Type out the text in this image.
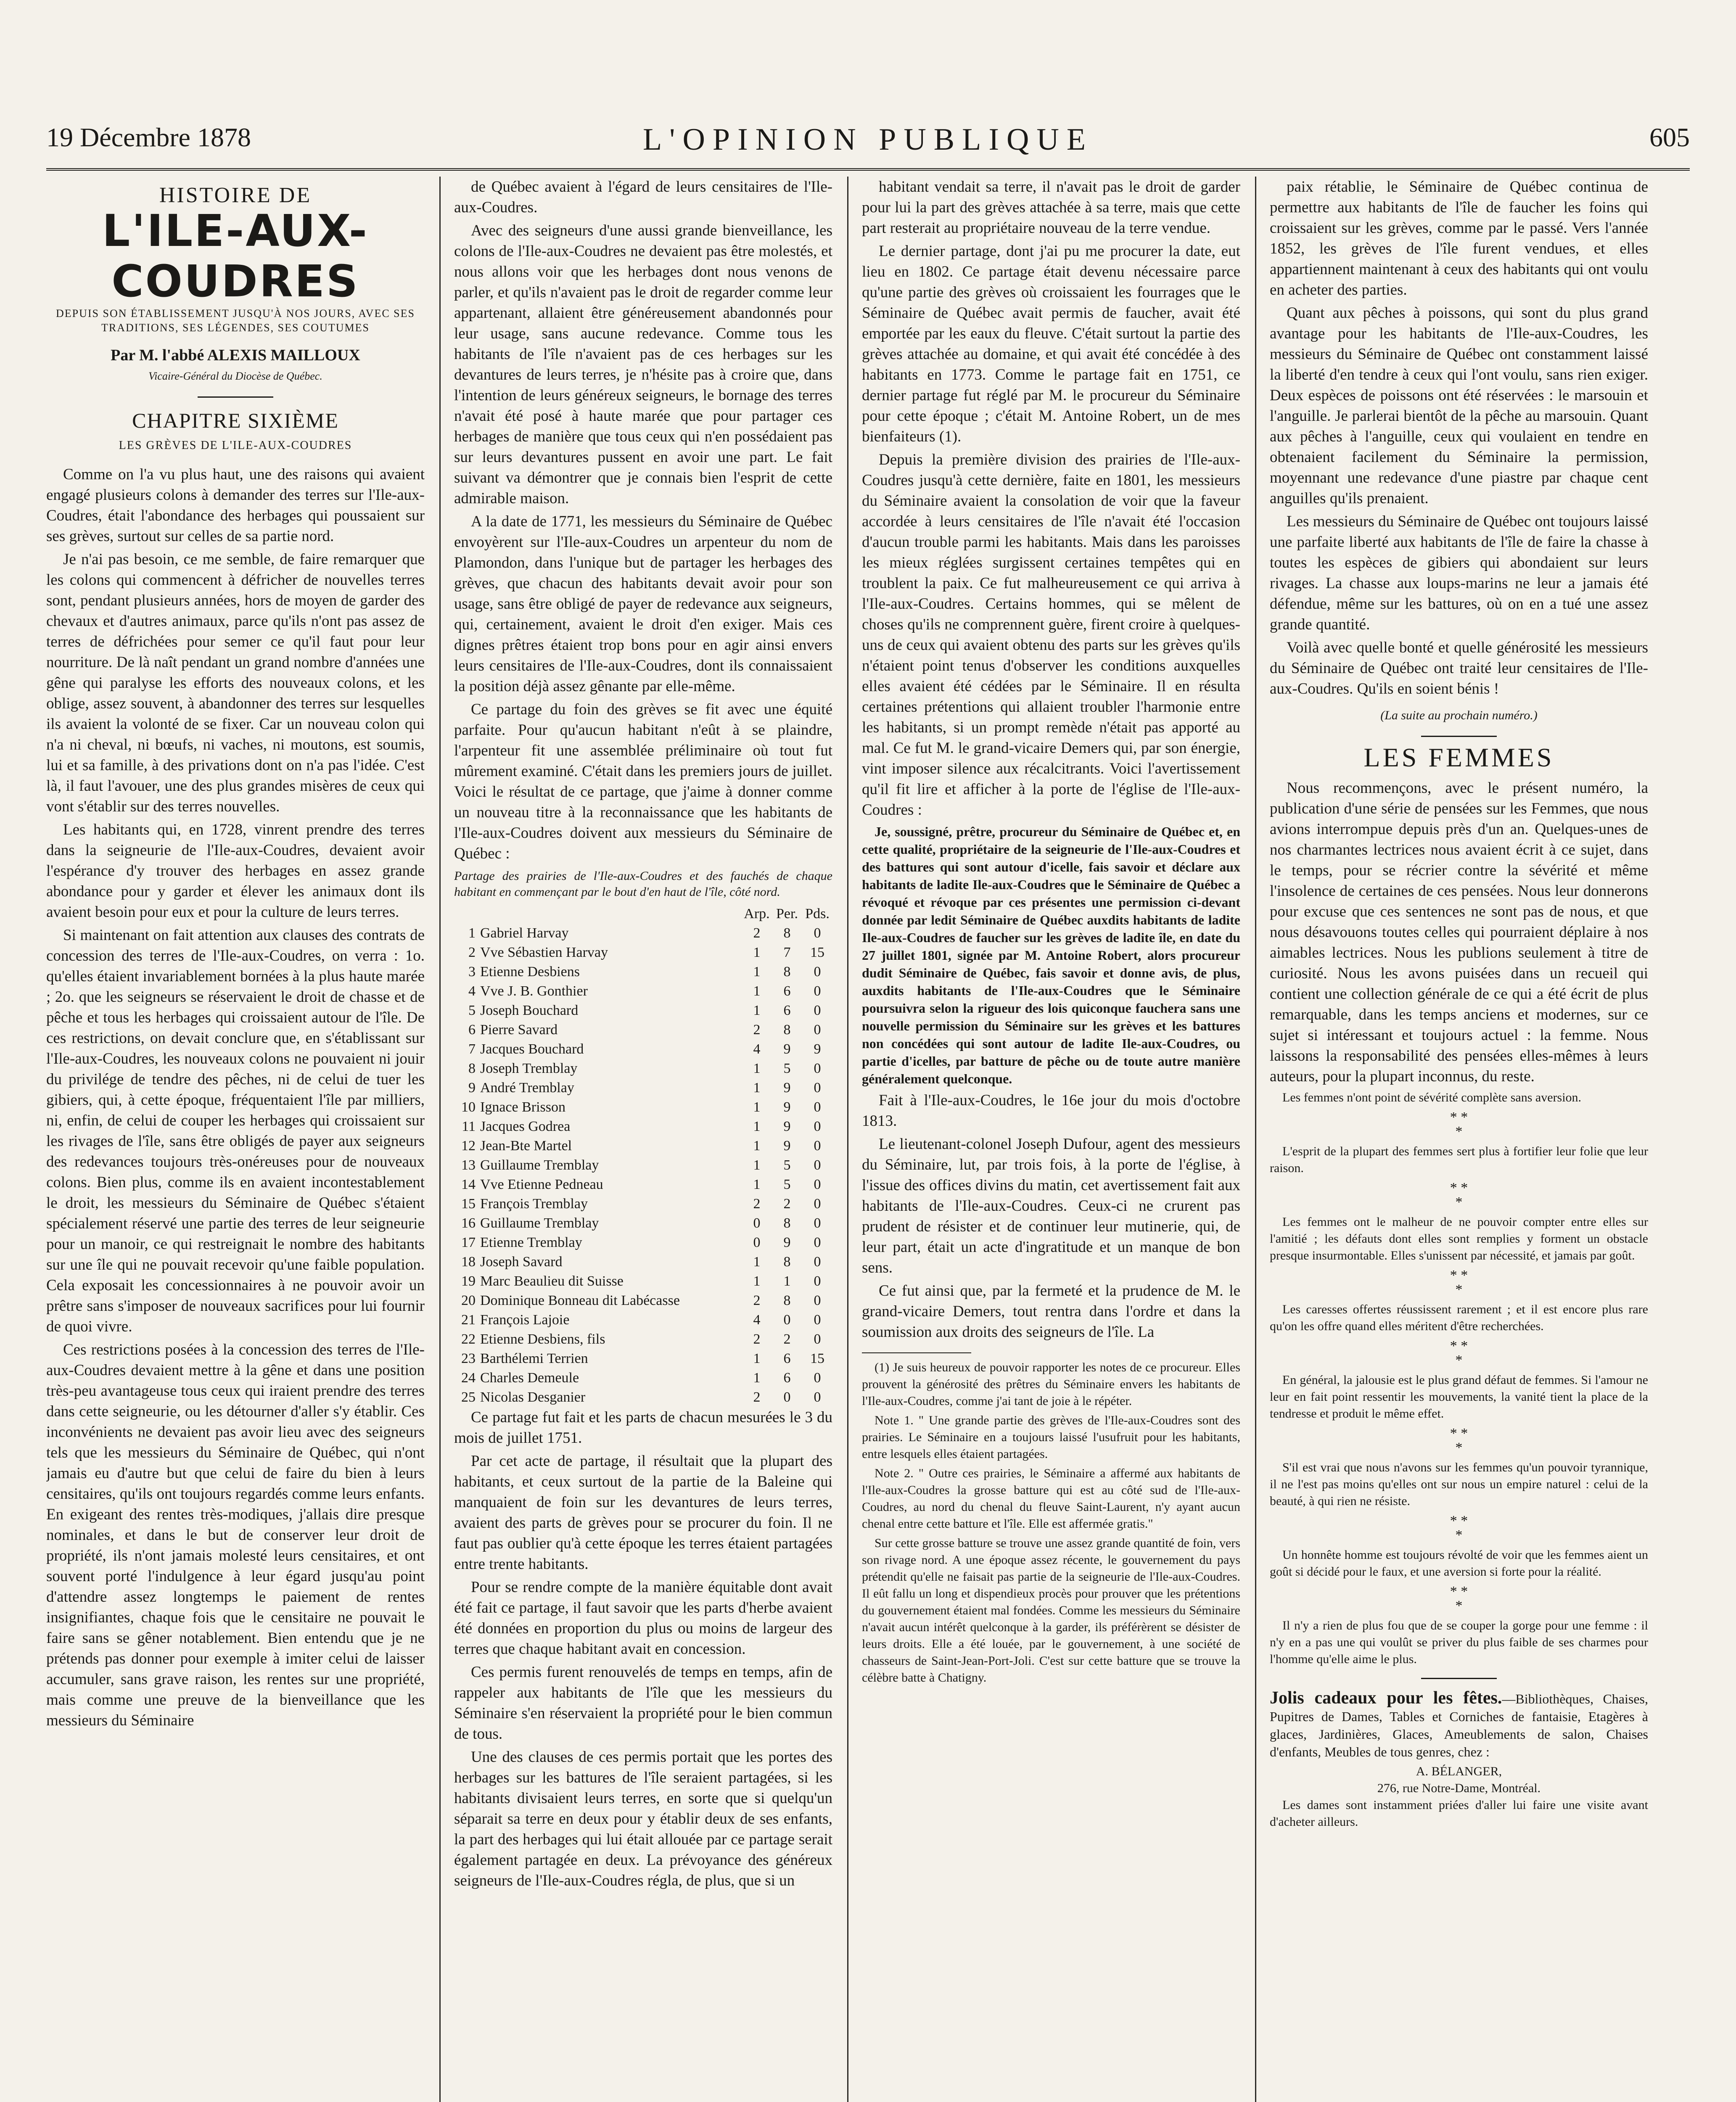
19 Décembre 1878	L'OPINION PUBLIQUE	605
HISTOIRE DE
L'ILE-AUX-COUDRES
DEPUIS SON ÉTABLISSEMENT JUSQU'À NOS JOURS, AVEC SES TRADITIONS, SES LÉGENDES, SES COUTUMES
Par M. l'abbé ALEXIS MAILLOUX
Vicaire-Général du Diocèse de Québec.
CHAPITRE SIXIÈME
LES GRÈVES DE L'ILE-AUX-COUDRES

Comme on l'a vu plus haut, une des raisons qui avaient engagé plusieurs colons à demander des terres sur l'Ile-aux-Coudres, était l'abondance des herbages qui poussaient sur ses grèves, surtout sur celles de sa partie nord.

Je n'ai pas besoin, ce me semble, de faire remarquer que les colons qui commencent à défricher de nouvelles terres sont, pendant plusieurs années, hors de moyen de garder des chevaux et d'autres animaux, parce qu'ils n'ont pas assez de terres de défrichées pour semer ce qu'il faut pour leur nourriture. De là naît pendant un grand nombre d'années une gêne qui paralyse les efforts des nouveaux colons, et les oblige, assez souvent, à abandonner des terres sur lesquelles ils avaient la volonté de se fixer. Car un nouveau colon qui n'a ni cheval, ni bœufs, ni vaches, ni moutons, est soumis, lui et sa famille, à des privations dont on n'a pas l'idée. C'est là, il faut l'avouer, une des plus grandes misères de ceux qui vont s'établir sur des terres nouvelles.

Les habitants qui, en 1728, vinrent prendre des terres dans la seigneurie de l'Ile-aux-Coudres, devaient avoir l'espérance d'y trouver des herbages en assez grande abondance pour y garder et élever les animaux dont ils avaient besoin pour eux et pour la culture de leurs terres.

Si maintenant on fait attention aux clauses des contrats de concession des terres de l'Ile-aux-Coudres, on verra : 1o. qu'elles étaient invariablement bornées à la plus haute marée ; 2o. que les seigneurs se réservaient le droit de chasse et de pêche et tous les herbages qui croissaient autour de l'île. De ces restrictions, on devait conclure que, en s'établissant sur l'Ile-aux-Coudres, les nouveaux colons ne pouvaient ni jouir du privilége de tendre des pêches, ni de celui de tuer les gibiers, qui, à cette époque, fréquentaient l'île par milliers, ni, enfin, de celui de couper les herbages qui croissaient sur les rivages de l'île, sans être obligés de payer aux seigneurs des redevances toujours très-onéreuses pour de nouveaux colons. Bien plus, comme ils en avaient incontestablement le droit, les messieurs du Séminaire de Québec s'étaient spécialement réservé une partie des terres de leur seigneurie pour un manoir, ce qui restreignait le nombre des habitants sur une île qui ne pouvait recevoir qu'une faible population. Cela exposait les concessionnaires à ne pouvoir avoir un prêtre sans s'imposer de nouveaux sacrifices pour lui fournir de quoi vivre.

Ces restrictions posées à la concession des terres de l'Ile-aux-Coudres devaient mettre à la gêne et dans une position très-peu avantageuse tous ceux qui iraient prendre des terres dans cette seigneurie, ou les détourner d'aller s'y établir. Ces inconvénients ne devaient pas avoir lieu avec des seigneurs tels que les messieurs du Séminaire de Québec, qui n'ont jamais eu d'autre but que celui de faire du bien à leurs censitaires, qu'ils ont toujours regardés comme leurs enfants. En exigeant des rentes très-modiques, j'allais dire presque nominales, et dans le but de conserver leur droit de propriété, ils n'ont jamais molesté leurs censitaires, et ont souvent porté l'indulgence à leur égard jusqu'au point d'attendre assez longtemps le paiement de rentes insignifiantes, chaque fois que le censitaire ne pouvait le faire sans se gêner notablement. Bien entendu que je ne prétends pas donner pour exemple à imiter celui de laisser accumuler, sans grave raison, les rentes sur une propriété, mais comme une preuve de la bienveillance que les messieurs du Séminaire

de Québec avaient à l'égard de leurs censitaires de l'Ile-aux-Coudres.

Avec des seigneurs d'une aussi grande bienveillance, les colons de l'Ile-aux-Coudres ne devaient pas être molestés, et nous allons voir que les herbages dont nous venons de parler, et qu'ils n'avaient pas le droit de regarder comme leur appartenant, allaient être généreusement abandonnés pour leur usage, sans aucune redevance. Comme tous les habitants de l'île n'avaient pas de ces herbages sur les devantures de leurs terres, je n'hésite pas à croire que, dans l'intention de leurs généreux seigneurs, le bornage des terres n'avait été posé à haute marée que pour partager ces herbages de manière que tous ceux qui n'en possédaient pas sur leurs devantures pussent en avoir une part. Le fait suivant va démontrer que je connais bien l'esprit de cette admirable maison.

A la date de 1771, les messieurs du Séminaire de Québec envoyèrent sur l'Ile-aux-Coudres un arpenteur du nom de Plamondon, dans l'unique but de partager les herbages des grèves, que chacun des habitants devait avoir pour son usage, sans être obligé de payer de redevance aux seigneurs, qui, certainement, avaient le droit d'en exiger. Mais ces dignes prêtres étaient trop bons pour en agir ainsi envers leurs censitaires de l'Ile-aux-Coudres, dont ils connaissaient la position déjà assez gênante par elle-même.

Ce partage du foin des grèves se fit avec une équité parfaite. Pour qu'aucun habitant n'eût à se plaindre, l'arpenteur fit une assemblée préliminaire où tout fut mûrement examiné. C'était dans les premiers jours de juillet. Voici le résultat de ce partage, que j'aime à donner comme un nouveau titre à la reconnaissance que les habitants de l'Ile-aux-Coudres doivent aux messieurs du Séminaire de Québec :

Partage des prairies de l'Ile-aux-Coudres et des fauchés de chaque habitant en commençant par le bout d'en haut de l'île, côté nord.
		Arp.	Per.	Pds.
1	Gabriel Harvay	2	8	0
2	Vve Sébastien Harvay	1	7	15
3	Etienne Desbiens	1	8	0
4	Vve J. B. Gonthier	1	6	0
5	Joseph Bouchard	1	6	0
6	Pierre Savard	2	8	0
7	Jacques Bouchard	4	9	9
8	Joseph Tremblay	1	5	0
9	André Tremblay	1	9	0
10	Ignace Brisson	1	9	0
11	Jacques Godrea	1	9	0
12	Jean-Bte Martel	1	9	0
13	Guillaume Tremblay	1	5	0
14	Vve Etienne Pedneau	1	5	0
15	François Tremblay	2	2	0
16	Guillaume Tremblay	0	8	0
17	Etienne Tremblay	0	9	0
18	Joseph Savard	1	8	0
19	Marc Beaulieu dit Suisse	1	1	0
20	Dominique Bonneau dit Labécasse	2	8	0
21	François Lajoie	4	0	0
22	Etienne Desbiens, fils	2	2	0
23	Barthélemi Terrien	1	6	15
24	Charles Demeule	1	6	0
25	Nicolas Desganier	2	0	0

Ce partage fut fait et les parts de chacun mesurées le 3 du mois de juillet 1751.

Par cet acte de partage, il résultait que la plupart des habitants, et ceux surtout de la partie de la Baleine qui manquaient de foin sur les devantures de leurs terres, avaient des parts de grèves pour se procurer du foin. Il ne faut pas oublier qu'à cette époque les terres étaient partagées entre trente habitants.

Pour se rendre compte de la manière équitable dont avait été fait ce partage, il faut savoir que les parts d'herbe avaient été données en proportion du plus ou moins de largeur des terres que chaque habitant avait en concession.

Ces permis furent renouvelés de temps en temps, afin de rappeler aux habitants de l'île que les messieurs du Séminaire s'en réservaient la propriété pour le bien commun de tous.

Une des clauses de ces permis portait que les portes des herbages sur les battures de l'île seraient partagées, si les habitants divisaient leurs terres, en sorte que si quelqu'un séparait sa terre en deux pour y établir deux de ses enfants, la part des herbages qui lui était allouée par ce partage serait également partagée en deux. La prévoyance des généreux seigneurs de l'Ile-aux-Coudres régla, de plus, que si un

habitant vendait sa terre, il n'avait pas le droit de garder pour lui la part des grèves attachée à sa terre, mais que cette part resterait au propriétaire nouveau de la terre vendue.

Le dernier partage, dont j'ai pu me procurer la date, eut lieu en 1802. Ce partage était devenu nécessaire parce qu'une partie des grèves où croissaient les fourrages que le Séminaire de Québec avait permis de faucher, avait été emportée par les eaux du fleuve. C'était surtout la partie des grèves attachée au domaine, et qui avait été concédée à des habitants en 1773. Comme le partage fait en 1751, ce dernier partage fut réglé par M. le procureur du Séminaire pour cette époque ; c'était M. Antoine Robert, un de mes bienfaiteurs (1).

Depuis la première division des prairies de l'Ile-aux-Coudres jusqu'à cette dernière, faite en 1801, les messieurs du Séminaire avaient la consolation de voir que la faveur accordée à leurs censitaires de l'île n'avait été l'occasion d'aucun trouble parmi les habitants. Mais dans les paroisses les mieux réglées surgissent certaines tempêtes qui en troublent la paix. Ce fut malheureusement ce qui arriva à l'Ile-aux-Coudres. Certains hommes, qui se mêlent de choses qu'ils ne comprennent guère, firent croire à quelques-uns de ceux qui avaient obtenu des parts sur les grèves qu'ils n'étaient point tenus d'observer les conditions auxquelles elles avaient été cédées par le Séminaire. Il en résulta certaines prétentions qui allaient troubler l'harmonie entre les habitants, si un prompt remède n'était pas apporté au mal. Ce fut M. le grand-vicaire Demers qui, par son énergie, vint imposer silence aux récalcitrants. Voici l'avertissement qu'il fit lire et afficher à la porte de l'église de l'Ile-aux-Coudres :

Je, soussigné, prêtre, procureur du Séminaire de Québec et, en cette qualité, propriétaire de la seigneurie de l'Ile-aux-Coudres et des battures qui sont autour d'icelle, fais savoir et déclare aux habitants de ladite Ile-aux-Coudres que le Séminaire de Québec a révoqué et révoque par ces présentes une permission ci-devant donnée par ledit Séminaire de Québec auxdits habitants de ladite Ile-aux-Coudres de faucher sur les grèves de ladite île, en date du 27 juillet 1801, signée par M. Antoine Robert, alors procureur dudit Séminaire de Québec, fais savoir et donne avis, de plus, auxdits habitants de l'Ile-aux-Coudres que le Séminaire poursuivra selon la rigueur des lois quiconque fauchera sans une nouvelle permission du Séminaire sur les grèves et les battures non concédées qui sont autour de ladite Ile-aux-Coudres, ou partie d'icelles, par batture de pêche ou de toute autre manière généralement quelconque.

Fait à l'Ile-aux-Coudres, le 16e jour du mois d'octobre 1813.

Le lieutenant-colonel Joseph Dufour, agent des messieurs du Séminaire, lut, par trois fois, à la porte de l'église, à l'issue des offices divins du matin, cet avertissement fait aux habitants de l'Ile-aux-Coudres. Ceux-ci ne crurent pas prudent de résister et de continuer leur mutinerie, qui, de leur part, était un acte d'ingratitude et un manque de bon sens.

Ce fut ainsi que, par la fermeté et la prudence de M. le grand-vicaire Demers, tout rentra dans l'ordre et dans la soumission aux droits des seigneurs de l'île. La

(1) Je suis heureux de pouvoir rapporter les notes de ce procureur. Elles prouvent la générosité des prêtres du Séminaire envers les habitants de l'Ile-aux-Coudres, comme j'ai tant de joie à le répéter.

Note 1. " Une grande partie des grèves de l'Ile-aux-Coudres sont des prairies. Le Séminaire en a toujours laissé l'usufruit pour les habitants, entre lesquels elles étaient partagées.

Note 2. " Outre ces prairies, le Séminaire a affermé aux habitants de l'Ile-aux-Coudres la grosse batture qui est au côté sud de l'Ile-aux-Coudres, au nord du chenal du fleuve Saint-Laurent, n'y ayant aucun chenal entre cette batture et l'île. Elle est affermée gratis."

Sur cette grosse batture se trouve une assez grande quantité de foin, vers son rivage nord. A une époque assez récente, le gouvernement du pays prétendit qu'elle ne faisait pas partie de la seigneurie de l'Ile-aux-Coudres. Il eût fallu un long et dispendieux procès pour prouver que les prétentions du gouvernement étaient mal fondées. Comme les messieurs du Séminaire n'avait aucun intérêt quelconque à la garder, ils préférèrent se désister de leurs droits. Elle a été louée, par le gouvernement, à une société de chasseurs de Saint-Jean-Port-Joli. C'est sur cette batture que se trouve la célèbre batte à Chatigny.

paix rétablie, le Séminaire de Québec continua de permettre aux habitants de l'île de faucher les foins qui croissaient sur les grèves, comme par le passé. Vers l'année 1852, les grèves de l'île furent vendues, et elles appartiennent maintenant à ceux des habitants qui ont voulu en acheter des parties.

Quant aux pêches à poissons, qui sont du plus grand avantage pour les habitants de l'Ile-aux-Coudres, les messieurs du Séminaire de Québec ont constamment laissé la liberté d'en tendre à ceux qui l'ont voulu, sans rien exiger. Deux espèces de poissons ont été réservées : le marsouin et l'anguille. Je parlerai bientôt de la pêche au marsouin. Quant aux pêches à l'anguille, ceux qui voulaient en tendre en obtenaient facilement du Séminaire la permission, moyennant une redevance d'une piastre par chaque cent anguilles qu'ils prenaient.

Les messieurs du Séminaire de Québec ont toujours laissé une parfaite liberté aux habitants de l'île de faire la chasse à toutes les espèces de gibiers qui abondaient sur leurs rivages. La chasse aux loups-marins ne leur a jamais été défendue, même sur les battures, où on en a tué une assez grande quantité.

Voilà avec quelle bonté et quelle générosité les messieurs du Séminaire de Québec ont traité leur censitaires de l'Ile-aux-Coudres. Qu'ils en soient bénis !

(La suite au prochain numéro.)
LES FEMMES

Nous recommençons, avec le présent numéro, la publication d'une série de pensées sur les Femmes, que nous avions interrompue depuis près d'un an. Quelques-unes de nos charmantes lectrices nous avaient écrit à ce sujet, dans le temps, pour se récrier contre la sévérité et même l'insolence de certaines de ces pensées. Nous leur donnerons pour excuse que ces sentences ne sont pas de nous, et que nous désavouons toutes celles qui pourraient déplaire à nos aimables lectrices. Nous les publions seulement à titre de curiosité. Nous les avons puisées dans un recueil qui contient une collection générale de ce qui a été écrit de plus remarquable, dans les temps anciens et modernes, sur ce sujet si intéressant et toujours actuel : la femme. Nous laissons la responsabilité des pensées elles-mêmes à leurs auteurs, pour la plupart inconnus, du reste.

Les femmes n'ont point de sévérité complète sans aversion.

* *
*

L'esprit de la plupart des femmes sert plus à fortifier leur folie que leur raison.

* *
*

Les femmes ont le malheur de ne pouvoir compter entre elles sur l'amitié ; les défauts dont elles sont remplies y forment un obstacle presque insurmontable. Elles s'unissent par nécessité, et jamais par goût.

* *
*

Les caresses offertes réussissent rarement ; et il est encore plus rare qu'on les offre quand elles méritent d'être recherchées.

* *
*

En général, la jalousie est le plus grand défaut de femmes. Si l'amour ne leur en fait point ressentir les mouvements, la vanité tient la place de la tendresse et produit le même effet.

* *
*

S'il est vrai que nous n'avons sur les femmes qu'un pouvoir tyrannique, il ne l'est pas moins qu'elles ont sur nous un empire naturel : celui de la beauté, à qui rien ne résiste.

* *
*

Un honnête homme est toujours révolté de voir que les femmes aient un goût si décidé pour le faux, et une aversion si forte pour la réalité.

* *
*

Il n'y a rien de plus fou que de se couper la gorge pour une femme : il n'y en a pas une qui voulût se priver du plus faible de ses charmes pour l'homme qu'elle aime le plus.

Jolis cadeaux pour les fêtes.—Bibliothèques, Chaises, Pupitres de Dames, Tables et Corniches de fantaisie, Etagères à glaces, Jardinières, Glaces, Ameublements de salon, Chaises d'enfants, Meubles de tous genres, chez :

A. BÉLANGER,
276, rue Notre-Dame, Montréal.

Les dames sont instamment priées d'aller lui faire une visite avant d'acheter ailleurs.
